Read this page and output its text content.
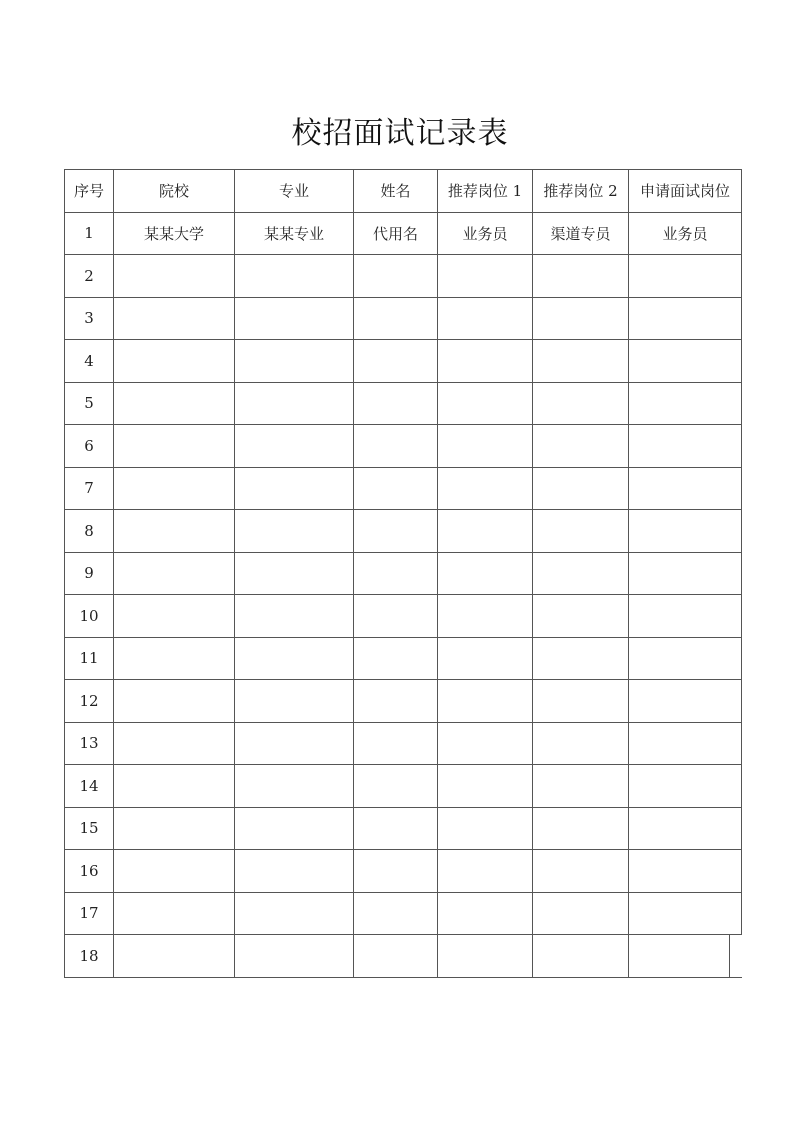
校招面试记录表
序号	院校	专业	姓名	推荐岗位 1	推荐岗位 2	申请面试岗位
1	某某大学	某某专业	代用名	业务员	渠道专员	业务员
2						
3						
4						
5						
6						
7						
8						
9						
10						
11						
12						
13						
14						
15						
16						
17						
18						
